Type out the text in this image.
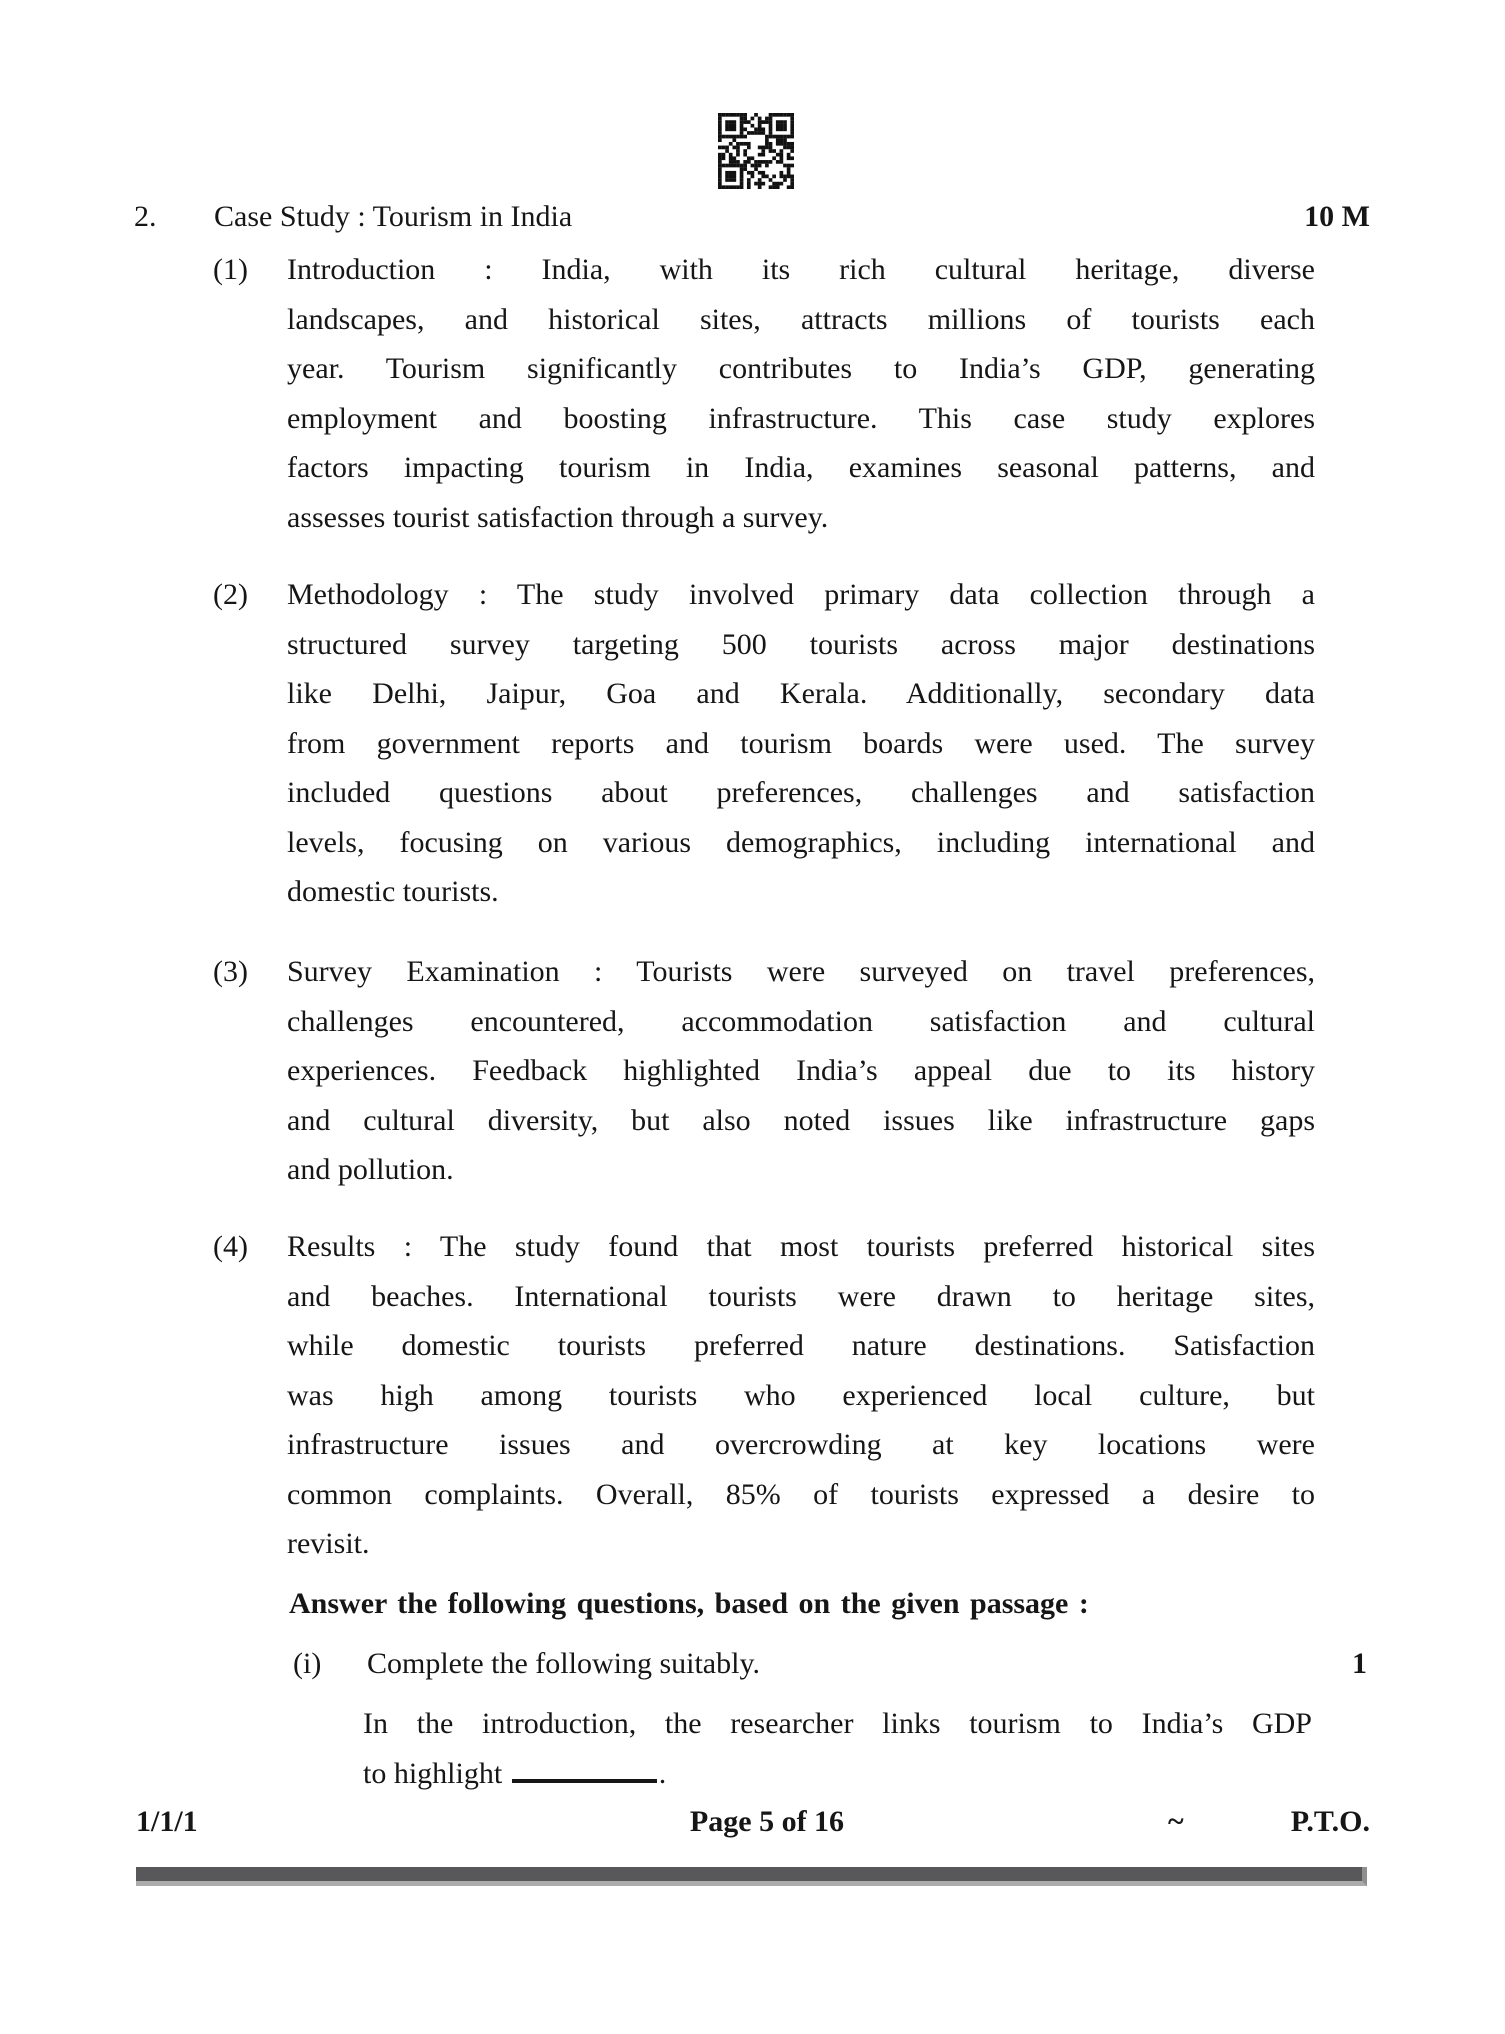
2. Case Study : Tourism in India	10 M
(1) Introduction : India, with its rich cultural heritage, diverse
landscapes, and historical sites, attracts millions of tourists each
year. Tourism significantly contributes to India’s GDP, generating
employment and boosting infrastructure. This case study explores
factors impacting tourism in India, examines seasonal patterns, and
assesses tourist satisfaction through a survey.
(2) Methodology : The study involved primary data collection through a
structured survey targeting 500 tourists across major destinations
like Delhi, Jaipur, Goa and Kerala. Additionally, secondary data
from government reports and tourism boards were used. The survey
included questions about preferences, challenges and satisfaction
levels, focusing on various demographics, including international and
domestic tourists.
(3) Survey Examination : Tourists were surveyed on travel preferences,
challenges encountered, accommodation satisfaction and cultural
experiences. Feedback highlighted India’s appeal due to its history
and cultural diversity, but also noted issues like infrastructure gaps
and pollution.
(4) Results : The study found that most tourists preferred historical sites
and beaches. International tourists were drawn to heritage sites,
while domestic tourists preferred nature destinations. Satisfaction
was high among tourists who experienced local culture, but
infrastructure issues and overcrowding at key locations were
common complaints. Overall, 85% of tourists expressed a desire to
revisit.
Answer the following questions, based on the given passage :
(i) Complete the following suitably.	1
In the introduction, the researcher links tourism to India’s GDP
to highlight	.
1/1/1	Page 5 of 16	~	P.T.O.
